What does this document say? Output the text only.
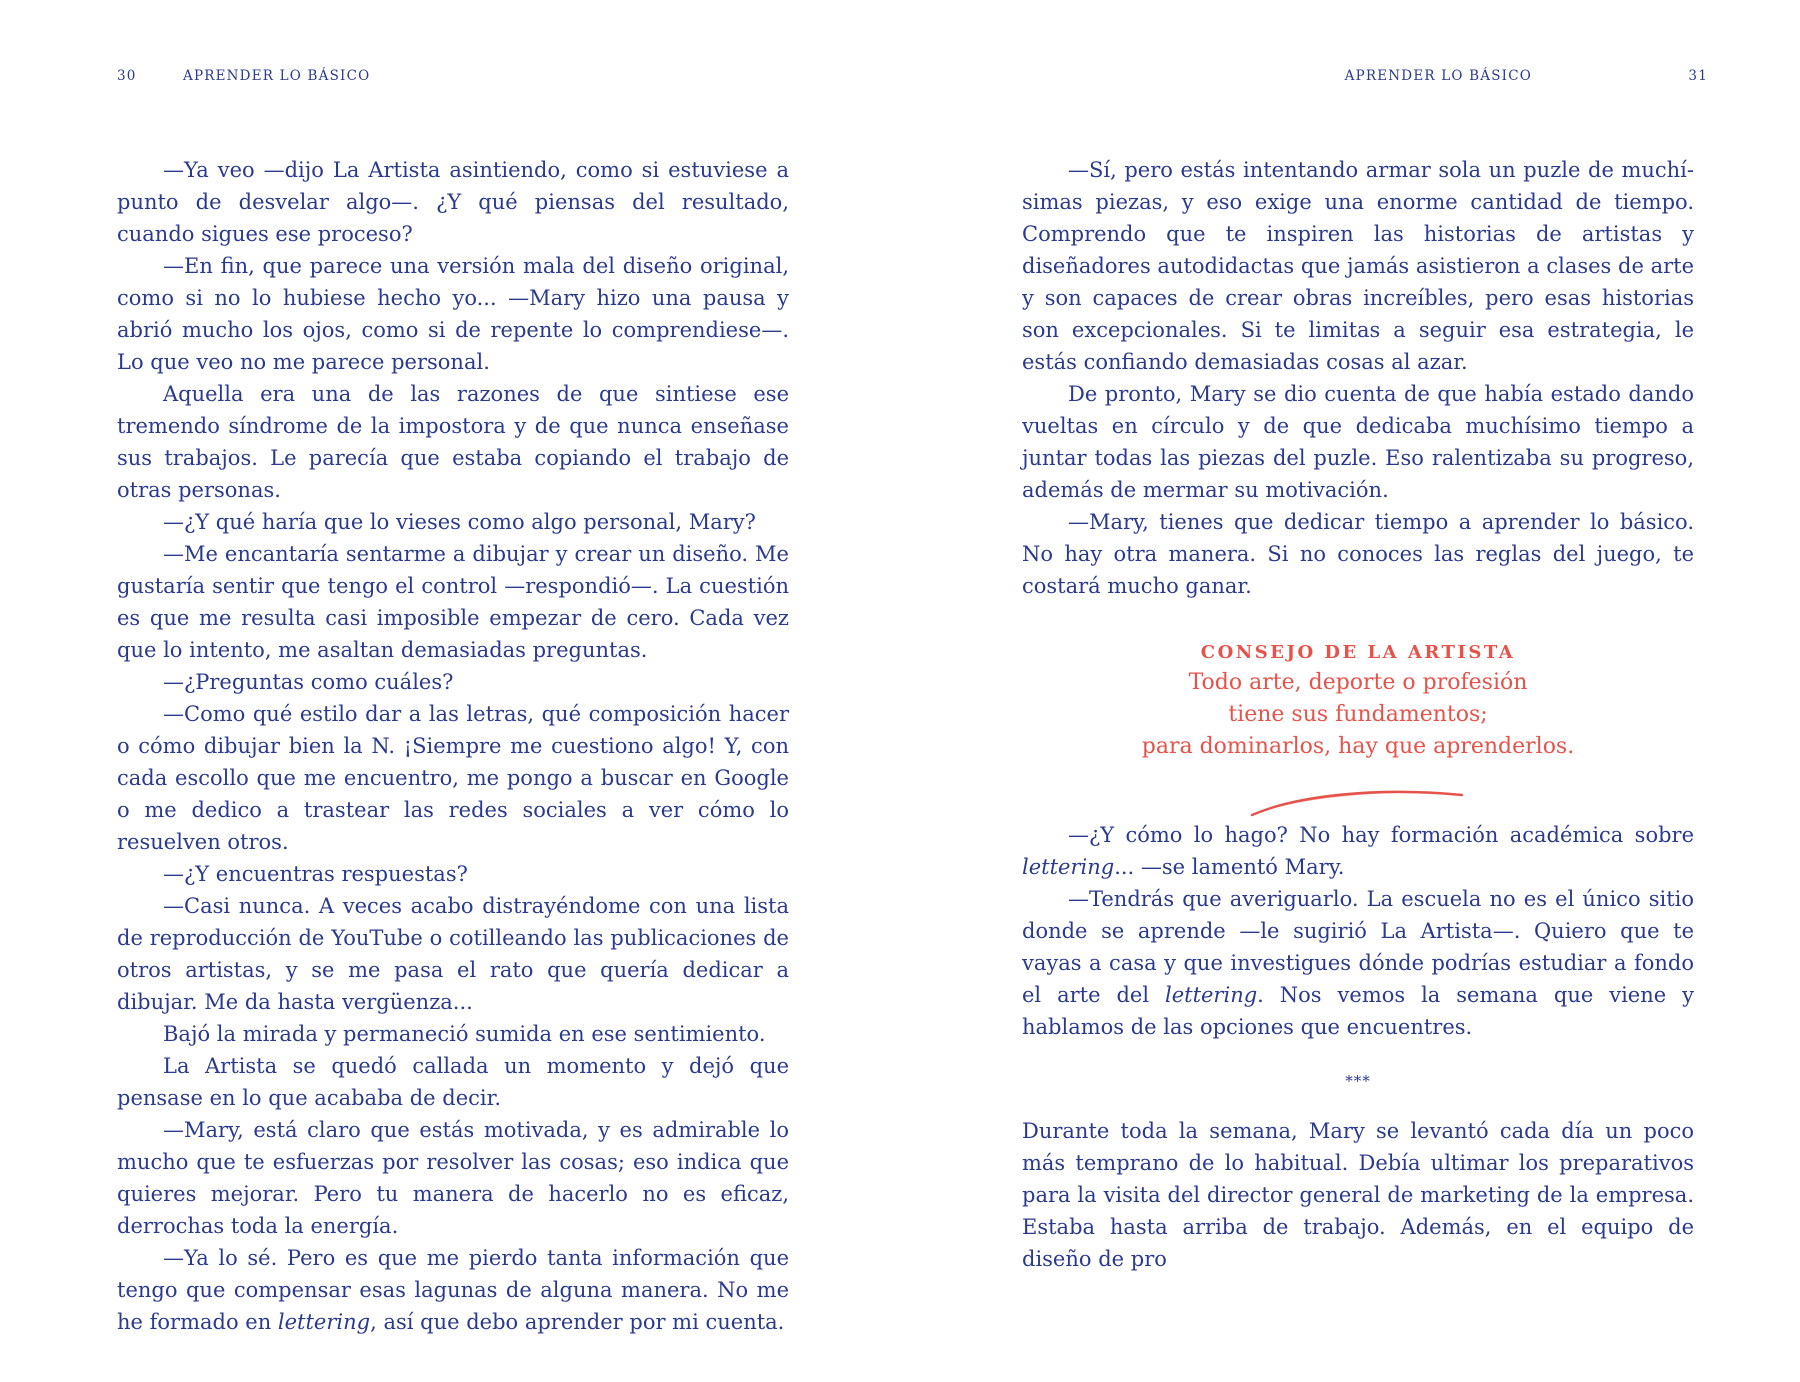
30	APRENDER LO BÁSICO

—Ya veo —dijo La Artista asintiendo, como si estuviese a punto de desvelar algo—. ¿Y qué piensas del resultado, cuando sigues ese proceso?

—En fin, que parece una versión mala del diseño original, como si no lo hubiese hecho yo... —Mary hizo una pausa y abrió mucho los ojos, como si de repente lo comprendiese—. Lo que veo no me parece personal.

Aquella era una de las razones de que sintiese ese tremendo síndrome de la impostora y de que nunca enseñase sus trabajos. Le parecía que estaba copiando el trabajo de otras personas.

—¿Y qué haría que lo vieses como algo personal, Mary?

—Me encantaría sentarme a dibujar y crear un diseño. Me gustaría sentir que tengo el control —respondió—. La cuestión es que me resulta casi imposible empezar de cero. Cada vez que lo intento, me asaltan demasiadas preguntas.

—¿Preguntas como cuáles?

—Como qué estilo dar a las letras, qué composición hacer o cómo dibujar bien la N. ¡Siempre me cuestiono algo! Y, con cada escollo que me encuentro, me pongo a buscar en Google o me dedico a trastear las redes sociales a ver cómo lo resuelven otros.

—¿Y encuentras respuestas?

—Casi nunca. A veces acabo distrayéndome con una lista de reproducción de YouTube o cotilleando las publicaciones de otros artistas, y se me pasa el rato que quería dedicar a dibujar. Me da hasta vergüenza...

Bajó la mirada y permaneció sumida en ese sentimiento.

La Artista se quedó callada un momento y dejó que pensase en lo que acababa de decir.

—Mary, está claro que estás motivada, y es admirable lo mucho que te esfuerzas por resolver las cosas; eso indica que quieres mejorar. Pero tu manera de hacerlo no es eficaz, derrochas toda la energía.

—Ya lo sé. Pero es que me pierdo tanta información que tengo que compensar esas lagunas de alguna manera. No me he formado en lettering, así que debo aprender por mi cuenta.

APRENDER LO BÁSICO	31

—Sí, pero estás intentando armar sola un puzle de muchísimas piezas, y eso exige una enorme cantidad de tiempo. Comprendo que te inspiren las historias de artistas y diseñadores autodidactas que jamás asistieron a clases de arte y son capaces de crear obras increíbles, pero esas historias son excepcionales. Si te limitas a seguir esa estrategia, le estás confiando demasiadas cosas al azar.

De pronto, Mary se dio cuenta de que había estado dando vueltas en círculo y de que dedicaba muchísimo tiempo a juntar todas las piezas del puzle. Eso ralentizaba su progreso, además de mermar su motivación.

—Mary, tienes que dedicar tiempo a aprender lo básico. No hay otra manera. Si no conoces las reglas del juego, te costará mucho ganar.

CONSEJO DE LA ARTISTA
Todo arte, deporte o profesión
tiene sus fundamentos;
para dominarlos, hay que aprenderlos.

—¿Y cómo lo hago? No hay formación académica sobre lettering... —se lamentó Mary.

—Tendrás que averiguarlo. La escuela no es el único sitio donde se aprende —le sugirió La Artista—. Quiero que te vayas a casa y que investigues dónde podrías estudiar a fondo el arte del lettering. Nos vemos la semana que viene y hablamos de las opciones que encuentres.

***

Durante toda la semana, Mary se levantó cada día un poco más temprano de lo habitual. Debía ultimar los preparativos para la visita del director general de marketing de la empresa. Estaba hasta arriba de trabajo. Además, en el equipo de diseño de pro
